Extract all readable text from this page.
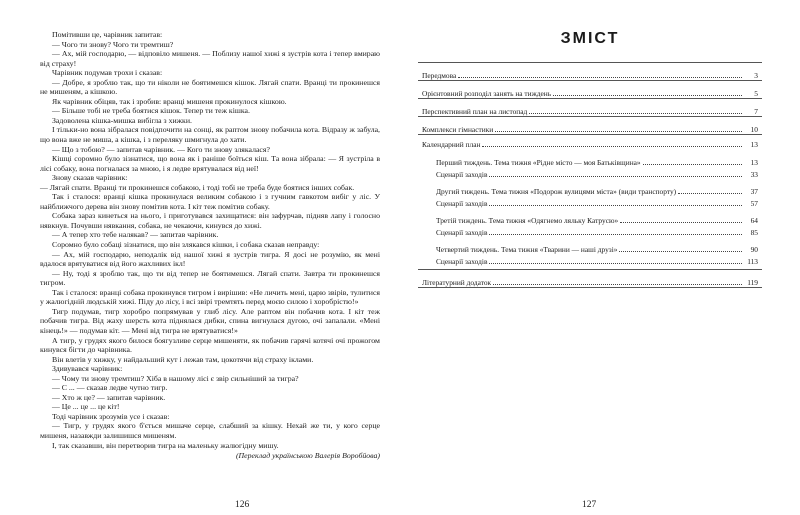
Помітивши це, чарівник запитав:

— Чого ти знову? Чого ти тремтиш?

— Ах, мій господарю, — відповіло мишеня. — Поблизу нашої хижі я зустрів кота і тепер вмираю від страху!

Чарівник подумав трохи і сказав:

— Добре, я зроблю так, що ти ніколи не боятимешся кішок. Лягай спати. Вранці ти прокинешся не мишеням, а кішкою.

Як чарівник обіцяв, так і зробив: вранці мишеня прокинулося кішкою.

— Більше тобі не треба боятися кішок. Тепер ти теж кішка.

Задоволена кішка-мишка вибігла з хижки.

І тільки-но вона зібралася повідпочити на сонці, як раптом знову побачила кота. Відразу ж забула, що вона вже не миша, а кішка, і з переляку шмигнула до хати.

— Що з тобою? — запитав чарівник. — Кого ти знову злякалася?

Кішці соромно було зізнатися, що вона як і раніше боїться кіш. Та вона зібрала: — Я зустріла в лісі собаку, вона погналася за мною, і я ледве врятувалася від неї!

Знову сказав чарівник:

— Лягай спати. Вранці ти прокинешся собакою, і тоді тобі не треба буде боятися інших собак.

Так і сталося: вранці кішка прокинулася великим собакою і з гучним гавкотом вибіг у ліс. У найближчого дерева він знову помітив кота. І кіт теж помітив собаку.

Собака зараз кинеться на нього, і приготувався захищатися: він зафурчав, підняв лапу і голосно нявкнув. Почувши нявкання, собака, не чекаючи, кинувся до хижі.

— А тепер хто тебе налякав? — запитав чарівник.

Соромно було собаці зізнатися, що він злякався кішки, і собака сказав неправду:

— Ах, мій господарю, неподалік від нашої хижі я зустрів тигра. Я досі не розумію, як мені вдалося врятуватися від його жахливих ікл!

— Ну, тоді я зроблю так, що ти від тепер не боятимешся. Лягай спати. Завтра ти прокинешся тигром.

Так і сталося: вранці собака прокинувся тигром і вирішив: «Не личить мені, царю звірів, тулитися у жалюгідній людській хижі. Піду до лісу, і всі звірі тремтять перед моєю силою і хоробрістю!»

Тигр подумав, тигр хоробро попрямував у глиб лісу. Але раптом він побачив кота. І кіт теж побачив тигра. Від жаху шерсть кота піднялася дибки, спина вигнулася дугою, очі запалали. «Мені кінець!» — подумав кіт. — Мені від тигра не врятуватися!»

А тигр, у грудях якого билося боягузливе серце мишеняти, як побачив гарячі котячі очі прожогом кинувся бігти до чарівника.

Він влетів у хижку, у найдальший кут і лежав там, цокотячи від страху іклами.

Здивувався чарівник:

— Чому ти знову тремтиш? Хіба в нашому лісі є звір сильніший за тигра?

— С ... — сказав ледве чутно тигр.

— Хто ж це? — запитав чарівник.

— Це ... це ... це кіт!

Тоді чарівник зрозумів усе і сказав:

— Тигр, у грудях якого б'ється мишаче серце, слабший за кішку. Нехай же ти, у кого серце мишеня, назавжди залишишся мишеням.

І, так сказавши, він перетворив тигра на маленьку жалюгідну мишу.

(Переклад українською Валерія Воробйова)

126
ЗМІСТ
Передмова	3
Орієнтовний розподіл занять на тиждень	5
Перспективний план на листопад	7
Комплекси гімнастики	10
Календарний план	13
Перший тиждень. Тема тижня «Рідне місто — моя Батьківщина»	13
Сценарії заходів	33
Другий тиждень. Тема тижня «Подорож вулицями міста» (види транспорту)	37
Сценарії заходів	57
Третій тиждень. Тема тижня «Одягнемо ляльку Катрусю»	64
Сценарії заходів	85
Четвертий тиждень. Тема тижня «Тварини — наші друзі»	90
Сценарії заходів	113
Літературний додаток	119
127
